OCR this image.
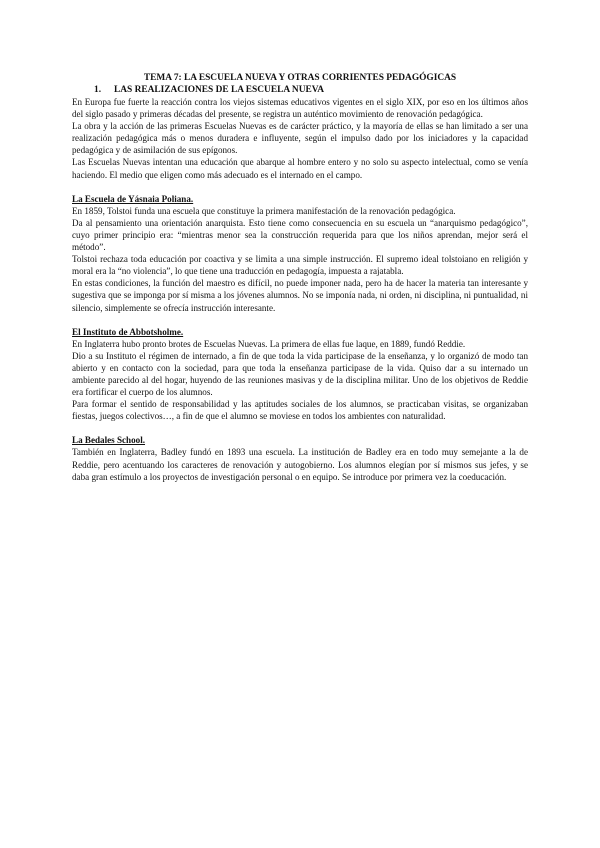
TEMA 7: LA ESCUELA NUEVA Y OTRAS CORRIENTES PEDAGÓGICAS

1. LAS REALIZACIONES DE LA ESCUELA NUEVA

En Europa fue fuerte la reacción contra los viejos sistemas educativos vigentes en el siglo XIX, por eso en los últimos años del siglo pasado y primeras décadas del presente, se registra un auténtico movimiento de renovación pedagógica.

La obra y la acción de las primeras Escuelas Nuevas es de carácter práctico, y la mayoría de ellas se han limitado a ser una realización pedagógica más o menos duradera e influyente, según el impulso dado por los iniciadores y la capacidad pedagógica y de asimilación de sus epígonos.

Las Escuelas Nuevas intentan una educación que abarque al hombre entero y no solo su aspecto intelectual, como se venía haciendo. El medio que eligen como más adecuado es el internado en el campo.

La Escuela de Yásnaia Poliana.

En 1859, Tolstoi funda una escuela que constituye la primera manifestación de la renovación pedagógica.

Da al pensamiento una orientación anarquista. Esto tiene como consecuencia en su escuela un “anarquismo pedagógico”, cuyo primer principio era: “mientras menor sea la construcción requerida para que los niños aprendan, mejor será el método”.

Tolstoi rechaza toda educación por coactiva y se limita a una simple instrucción. El supremo ideal tolstoiano en religión y moral era la “no violencia”, lo que tiene una traducción en pedagogía, impuesta a rajatabla.

En estas condiciones, la función del maestro es difícil, no puede imponer nada, pero ha de hacer la materia tan interesante y sugestiva que se imponga por sí misma a los jóvenes alumnos. No se imponía nada, ni orden, ni disciplina, ni puntualidad, ni silencio, simplemente se ofrecía instrucción interesante.

El Instituto de Abbotsholme.

En Inglaterra hubo pronto brotes de Escuelas Nuevas. La primera de ellas fue laque, en 1889, fundó Reddie.

Dio a su Instituto el régimen de internado, a fin de que toda la vida participase de la enseñanza, y lo organizó de modo tan abierto y en contacto con la sociedad, para que toda la enseñanza participase de la vida. Quiso dar a su internado un ambiente parecido al del hogar, huyendo de las reuniones masivas y de la disciplina militar. Uno de los objetivos de Reddie era fortificar el cuerpo de los alumnos.

Para formar el sentido de responsabilidad y las aptitudes sociales de los alumnos, se practicaban visitas, se organizaban fiestas, juegos colectivos…, a fin de que el alumno se moviese en todos los ambientes con naturalidad.

La Bedales School.

También en Inglaterra, Badley fundó en 1893 una escuela. La institución de Badley era en todo muy semejante a la de Reddie, pero acentuando los caracteres de renovación y autogobierno. Los alumnos elegían por sí mismos sus jefes, y se daba gran estímulo a los proyectos de investigación personal o en equipo. Se introduce por primera vez la coeducación.
